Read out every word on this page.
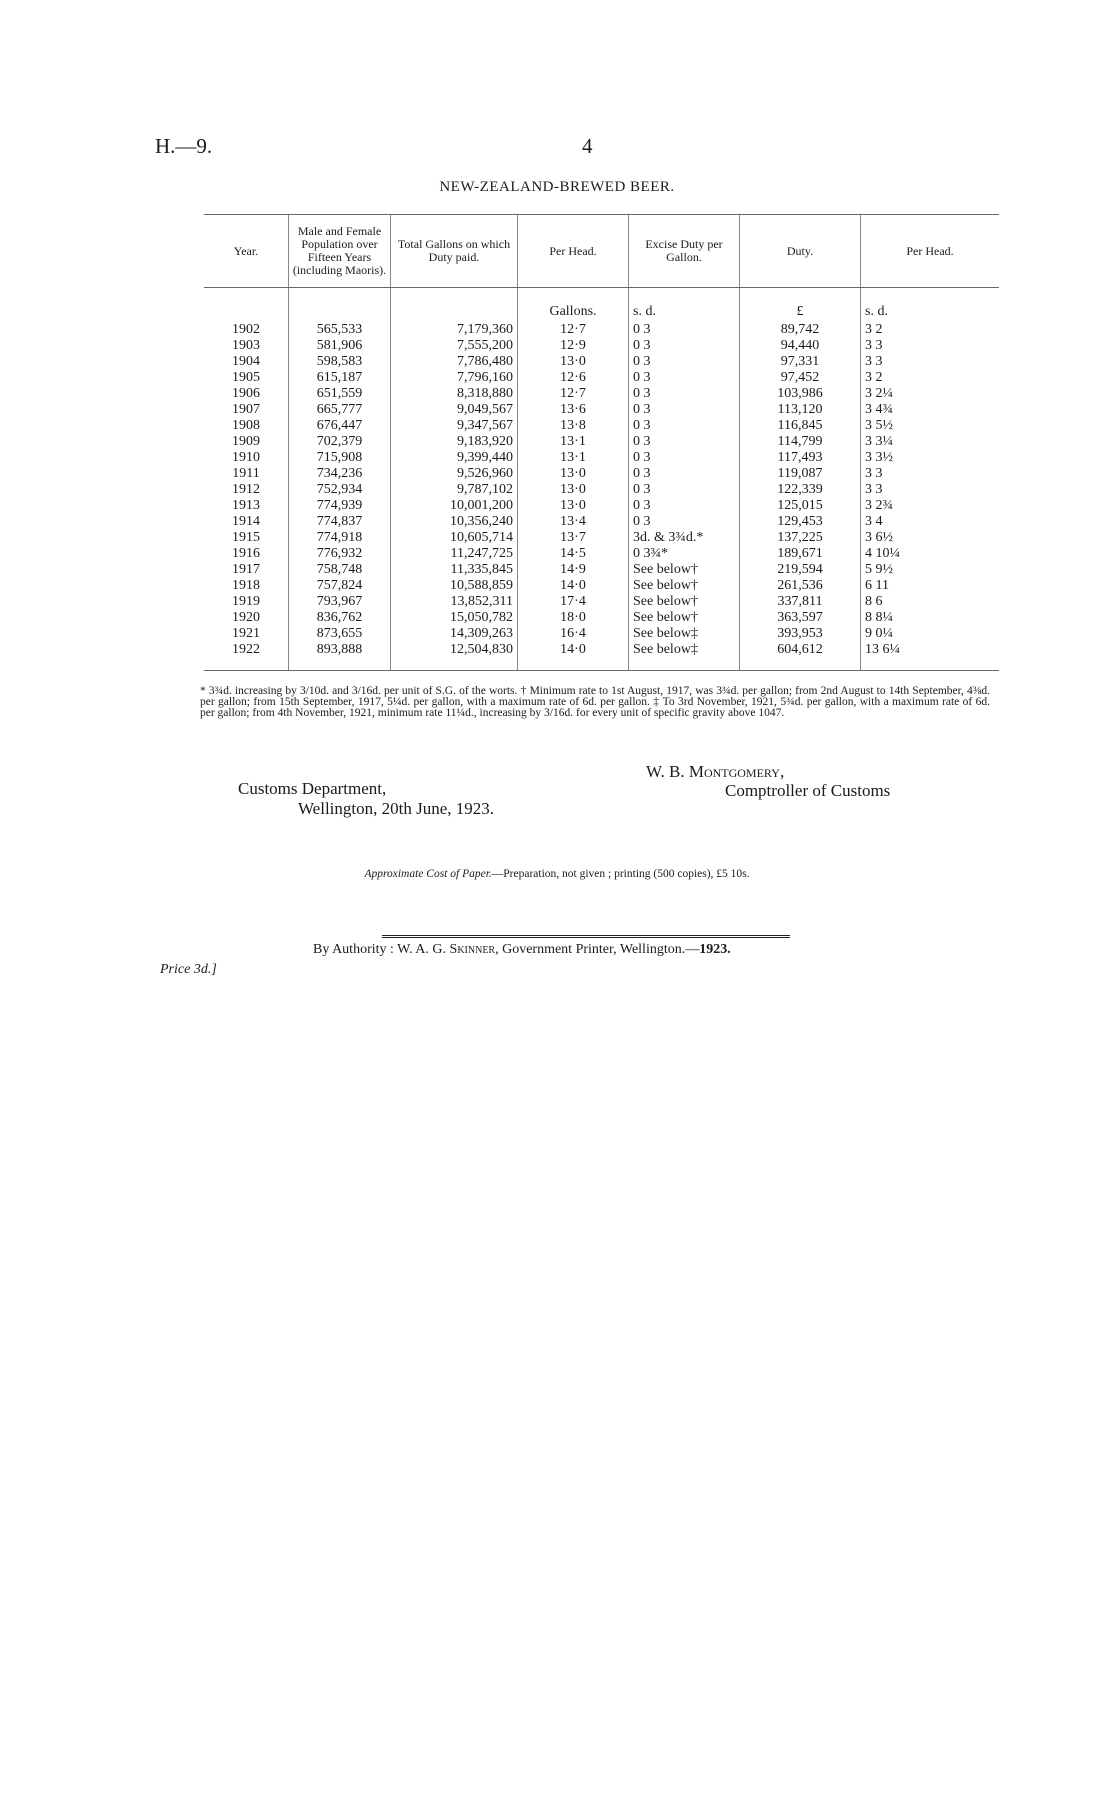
H.—9.	4
NEW-ZEALAND-BREWED BEER.
Year.	Male and Female Population over Fifteen Years (including Maoris).	Total Gallons on which Duty paid.	Per Head.	Excise Duty per Gallon.	Duty.	Per Head.

			Gallons.	s. d.	£	s. d.
1902	565,533	7,179,360	12·7	0 3	89,742	3 2
1903	581,906	7,555,200	12·9	0 3	94,440	3 3
1904	598,583	7,786,480	13·0	0 3	97,331	3 3
1905	615,187	7,796,160	12·6	0 3	97,452	3 2
1906	651,559	8,318,880	12·7	0 3	103,986	3 2¼
1907	665,777	9,049,567	13·6	0 3	113,120	3 4¾
1908	676,447	9,347,567	13·8	0 3	116,845	3 5½
1909	702,379	9,183,920	13·1	0 3	114,799	3 3¼
1910	715,908	9,399,440	13·1	0 3	117,493	3 3½
1911	734,236	9,526,960	13·0	0 3	119,087	3 3
1912	752,934	9,787,102	13·0	0 3	122,339	3 3
1913	774,939	10,001,200	13·0	0 3	125,015	3 2¾
1914	774,837	10,356,240	13·4	0 3	129,453	3 4
1915	774,918	10,605,714	13·7	3d. & 3¾d.*	137,225	3 6½
1916	776,932	11,247,725	14·5	0 3¾*	189,671	4 10¼
1917	758,748	11,335,845	14·9	See below†	219,594	5 9½
1918	757,824	10,588,859	14·0	See below†	261,536	6 11
1919	793,967	13,852,311	17·4	See below†	337,811	8 6
1920	836,762	15,050,782	18·0	See below†	363,597	8 8¼
1921	873,655	14,309,263	16·4	See below‡	393,953	9 0¼
1922	893,888	12,504,830	14·0	See below‡	604,612	13 6¼

* 3¾d. increasing by 3/10d. and 3/16d. per unit of S.G. of the worts. † Minimum rate to 1st August, 1917, was 3¾d. per gallon; from 2nd August to 14th September, 4⅜d. per gallon; from 15th September, 1917, 5¼d. per gallon, with a maximum rate of 6d. per gallon. ‡ To 3rd November, 1921, 5¾d. per gallon, with a maximum rate of 6d. per gallon; from 4th November, 1921, minimum rate 11¼d., increasing by 3/16d. for every unit of specific gravity above 1047.
W. B. Montgomery,
Comptroller of Customs
Customs Department,
Wellington, 20th June, 1923.
Approximate Cost of Paper.—Preparation, not given ; printing (500 copies), £5 10s.
Price 3d.]
By Authority : W. A. G. Skinner, Government Printer, Wellington.—1923.
